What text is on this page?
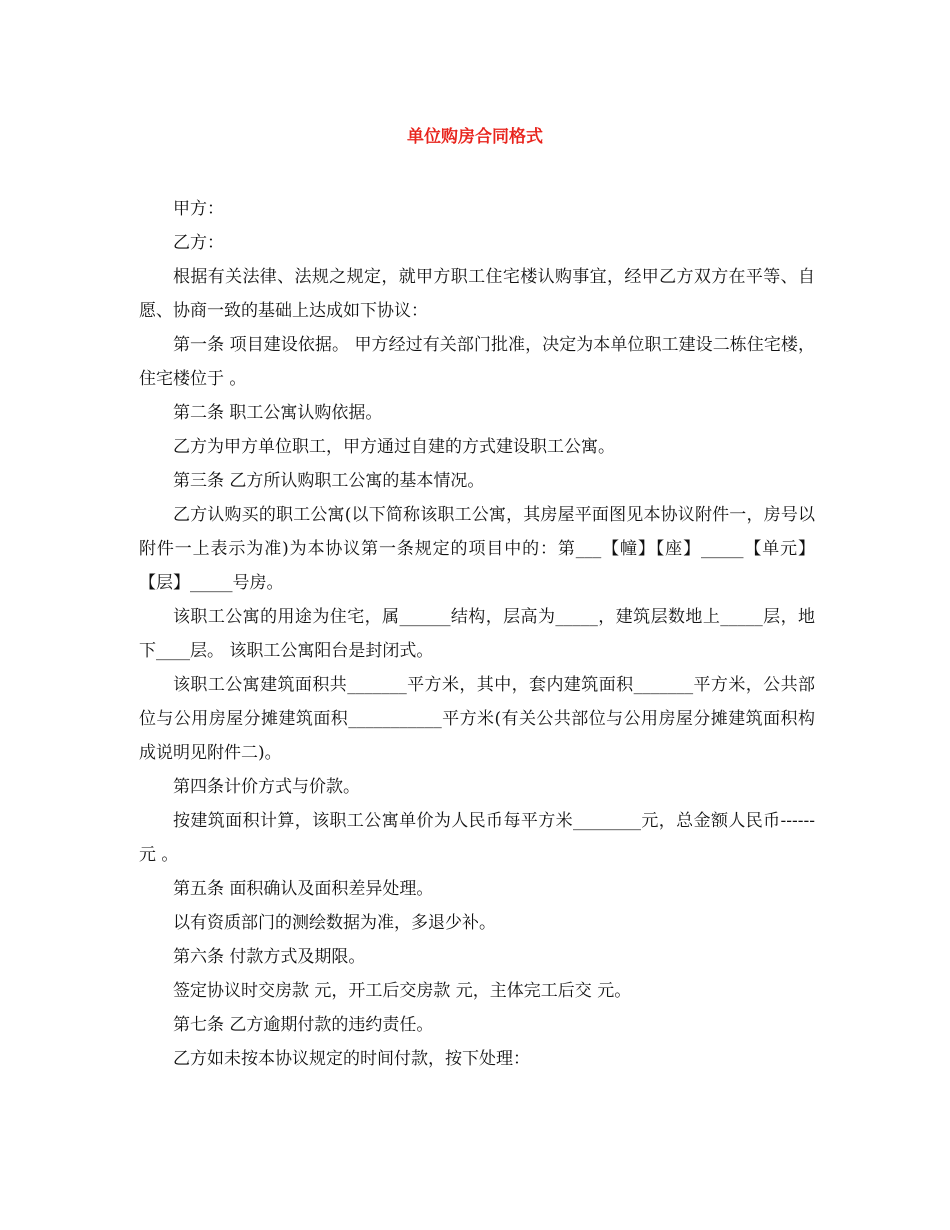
单位购房合同格式

甲方：

乙方：

根据有关法律、法规之规定，就甲方职工住宅楼认购事宜，经甲乙方双方在平等、自愿、协商一致的基础上达成如下协议：

第一条 项目建设依据。 甲方经过有关部门批准，决定为本单位职工建设二栋住宅楼，住宅楼位于 。

第二条 职工公寓认购依据。

乙方为甲方单位职工，甲方通过自建的方式建设职工公寓。

第三条 乙方所认购职工公寓的基本情况。

乙方认购买的职工公寓(以下简称该职工公寓，其房屋平面图见本协议附件一，房号以附件一上表示为准)为本协议第一条规定的项目中的：第___【幢】【座】_____【单元】【层】_____号房。

该职工公寓的用途为住宅，属______结构，层高为_____，建筑层数地上_____层，地下____层。 该职工公寓阳台是封闭式。

该职工公寓建筑面积共_______平方米，其中，套内建筑面积_______平方米，公共部位与公用房屋分摊建筑面积___________平方米(有关公共部位与公用房屋分摊建筑面积构成说明见附件二)。

第四条计价方式与价款。

按建筑面积计算，该职工公寓单价为人民币每平方米________元，总金额人民币------元 。

第五条 面积确认及面积差异处理。

以有资质部门的测绘数据为准，多退少补。

第六条 付款方式及期限。

签定协议时交房款 元，开工后交房款 元，主体完工后交 元。

第七条 乙方逾期付款的违约责任。

乙方如未按本协议规定的时间付款，按下处理：
